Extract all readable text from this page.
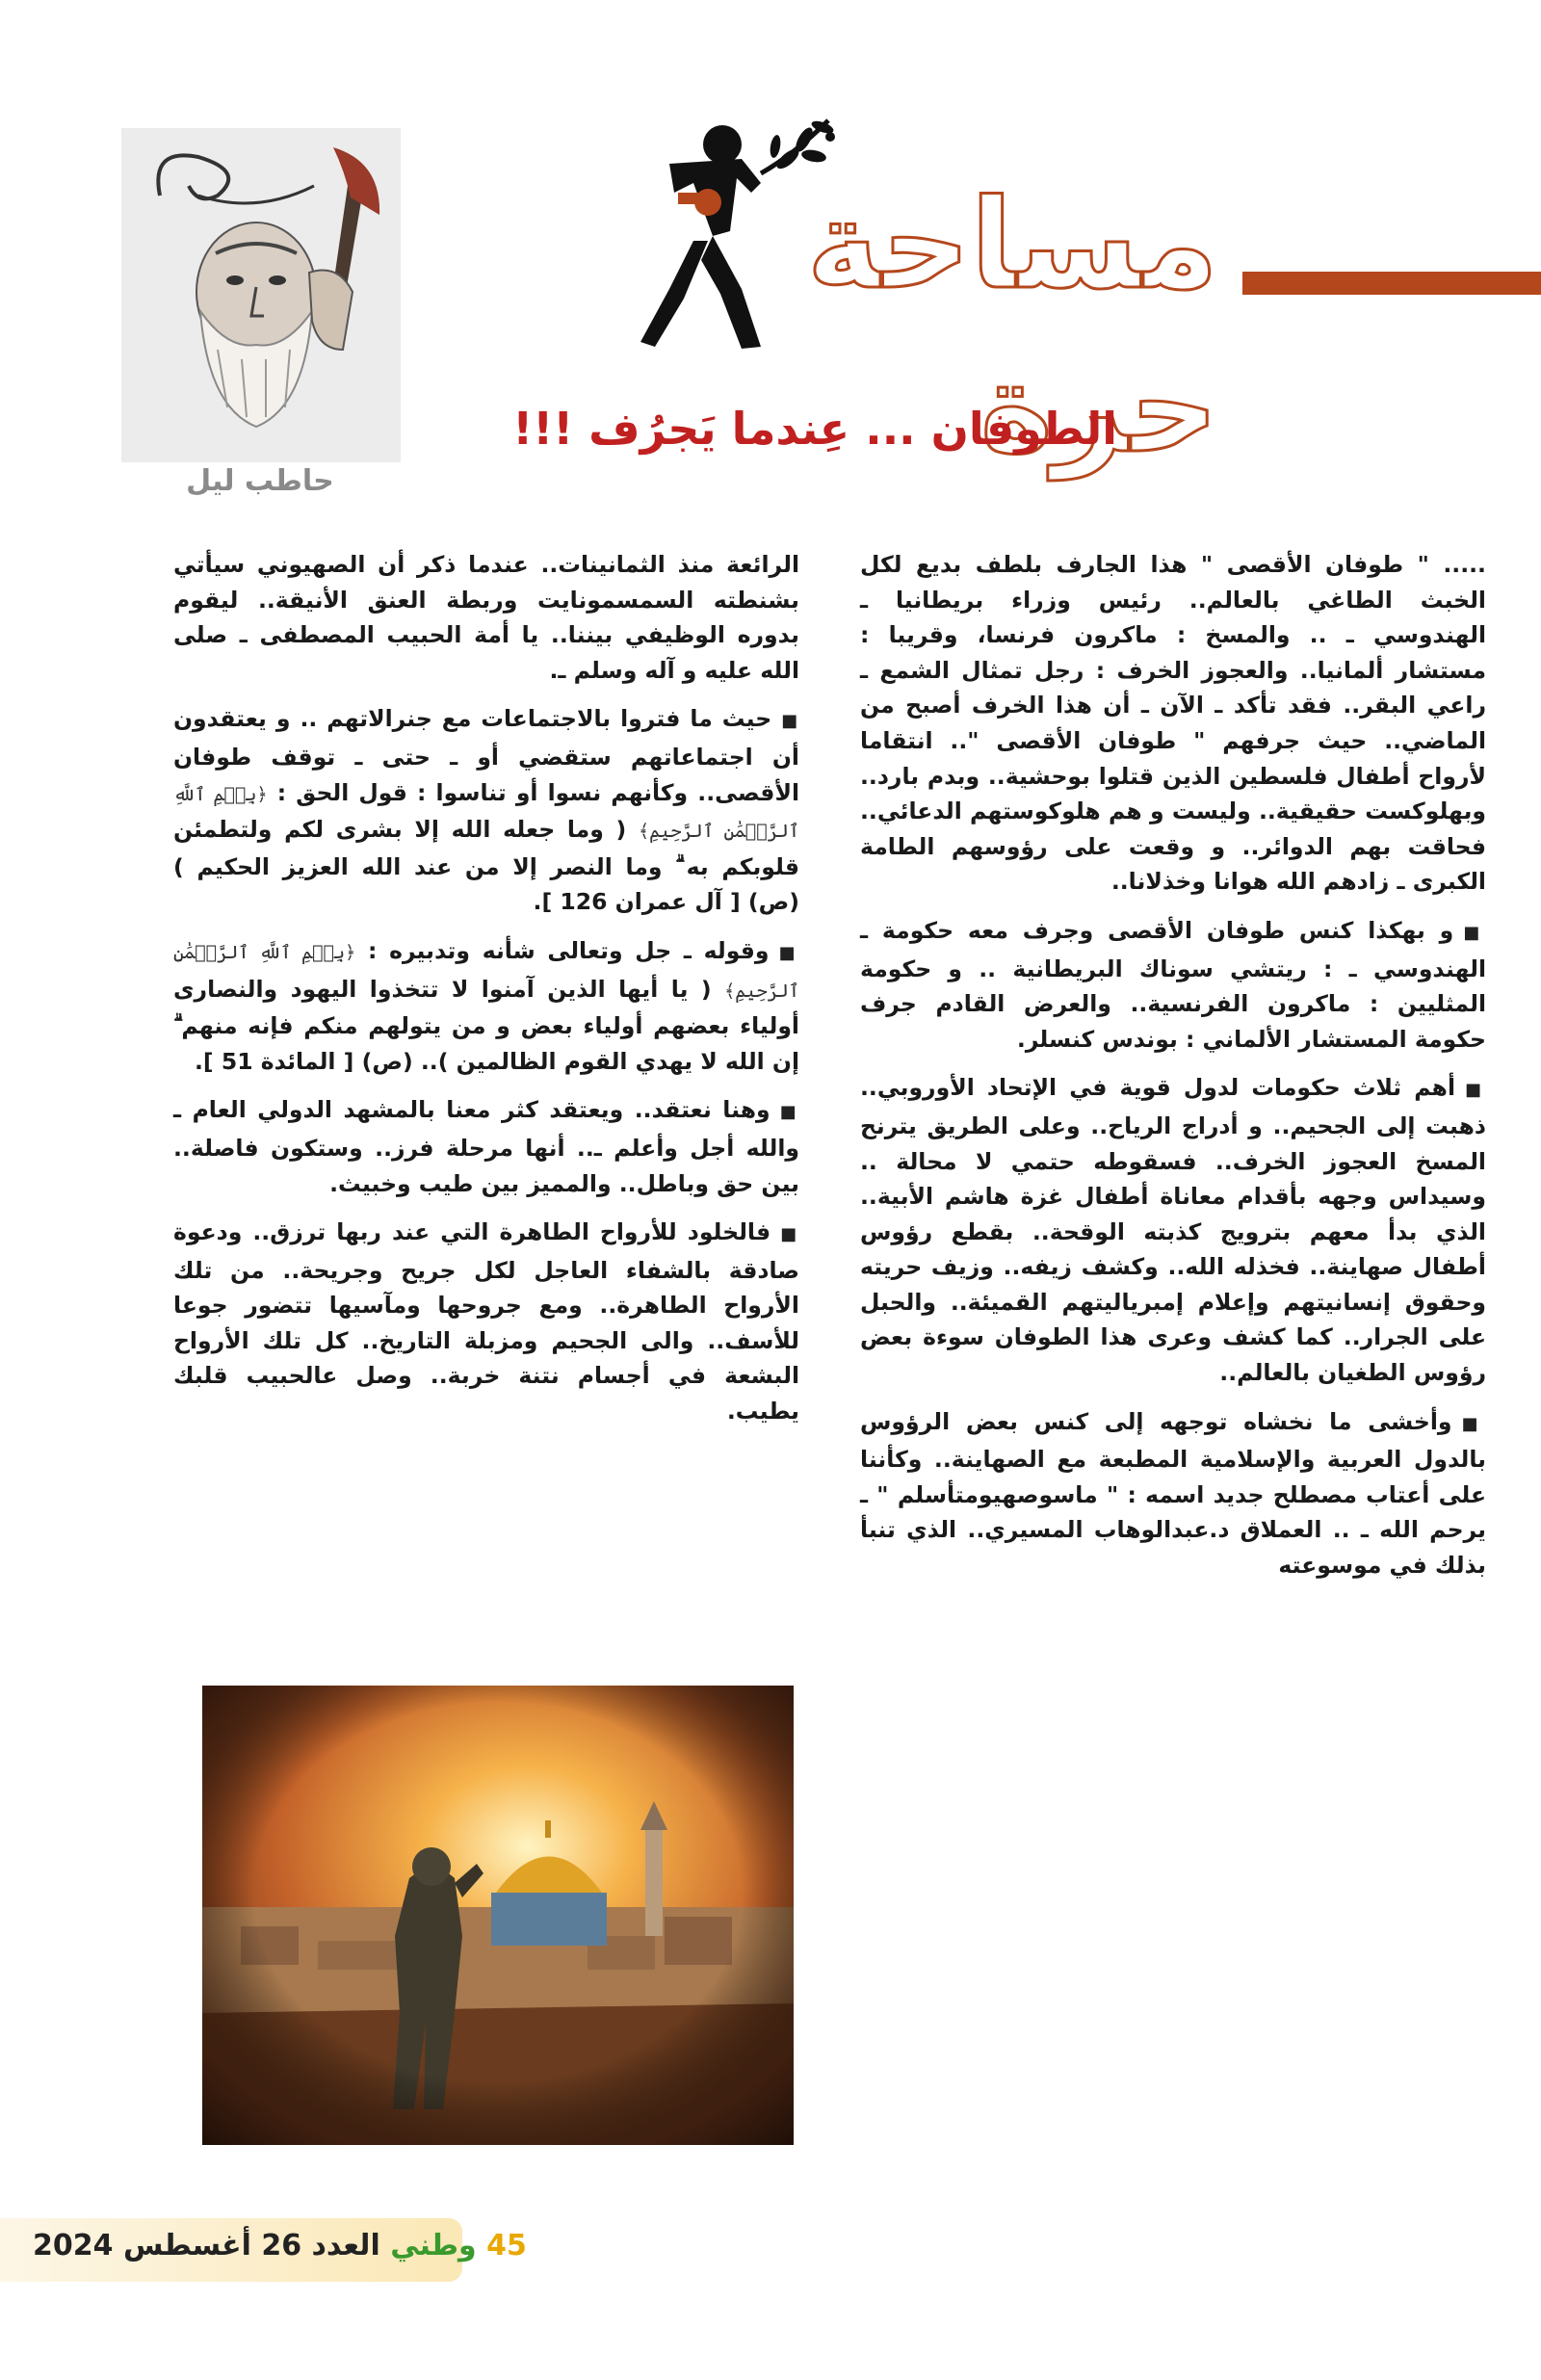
مساحة حرة
حاطب ليل
الطوفان ... عِندما يَجرُف !!!

..... " طوفان الأقصى " هذا الجارف بلطف بديع لكل الخبث الطاغي بالعالم.. رئيس وزراء بريطانيا ـ الهندوسي ـ .. والمسخ : ماكرون فرنسا، وقريبا : مستشار ألمانيا.. والعجوز الخرف : رجل تمثال الشمع ـ راعي البقر.. فقد تأكد ـ الآن ـ أن هذا الخرف أصبح من الماضي.. حيث جرفهم " طوفان الأقصى ".. انتقاما لأرواح أطفال فلسطين الذين قتلوا بوحشية.. وبدم بارد.. وبهلوكست حقيقية.. وليست و هم هلوكوستهم الدعائي.. فحاقت بهم الدوائر.. و وقعت على رؤوسهم الطامة الكبرى ـ زادهم الله هوانا وخذلانا..

■و بهكذا كنس طوفان الأقصى وجرف معه حكومة ـ الهندوسي ـ : ريتشي سوناك البريطانية .. و حكومة المثليين : ماكرون الفرنسية.. والعرض القادم جرف حكومة المستشار الألماني : بوندس كنسلر.

■أهم ثلاث حكومات لدول قوية في الإتحاد الأوروبي.. ذهبت إلى الجحيم.. و أدراج الرياح.. وعلى الطريق يترنح المسخ العجوز الخرف.. فسقوطه حتمي لا محالة .. وسيداس وجهه بأقدام معاناة أطفال غزة هاشم الأبية.. الذي بدأ معهم بترويج كذبته الوقحة.. بقطع رؤوس أطفال صهاينة.. فخذله الله.. وكشف زيفه.. وزيف حريته وحقوق إنسانيتهم وإعلام إمبرياليتهم القميئة.. والحبل على الجرار.. كما كشف وعرى هذا الطوفان سوءة بعض رؤوس الطغيان بالعالم..

■وأخشى ما نخشاه توجهه إلى كنس بعض الرؤوس بالدول العربية والإسلامية المطبعة مع الصهاينة.. وكأننا على أعتاب مصطلح جديد اسمه : " ماسوصهيومتأسلم " ـ يرحم الله ـ .. العملاق د.عبدالوهاب المسيري.. الذي تنبأ بذلك في موسوعته

الرائعة منذ الثمانينات.. عندما ذكر أن الصهيوني سيأتي بشنطته السمسمونايت وربطة العنق الأنيقة.. ليقوم بدوره الوظيفي بيننا.. يا أمة الحبيب المصطفى ـ صلى الله عليه و آله وسلم ـ.

■حيث ما فتروا بالاجتماعات مع جنرالاتهم .. و يعتقدون أن اجتماعاتهم ستقضي أو ـ حتى ـ توقف طوفان الأقصى.. وكأنهم نسوا أو تناسوا : قول الحق : ﴿بِسۡمِ ٱللَّهِ ٱلرَّحۡمَٰنِ ٱلرَّحِيمِ﴾ ( وما جعله الله إلا بشرى لكم ولتطمئن قلوبكم به ۗ وما النصر إلا من عند الله العزيز الحكيم ) (ص) [ آل عمران 126 ].

■وقوله ـ جل وتعالى شأنه وتدبيره : ﴿بِسۡمِ ٱللَّهِ ٱلرَّحۡمَٰنِ ٱلرَّحِيمِ﴾ ( يا أيها الذين آمنوا لا تتخذوا اليهود والنصارى أولياء بعضهم أولياء بعض و من يتولهم منكم فإنه منهم ۗ إن الله لا يهدي القوم الظالمين ).. (ص) [ المائدة 51 ].

■وهنا نعتقد.. ويعتقد كثر معنا بالمشهد الدولي العام ـ والله أجل وأعلم ـ.. أنها مرحلة فرز.. وستكون فاصلة.. بين حق وباطل.. والمميز بين طيب وخبيث.

■فالخلود للأرواح الطاهرة التي عند ربها ترزق.. ودعوة صادقة بالشفاء العاجل لكل جريح وجريحة.. من تلك الأرواح الطاهرة.. ومع جروحها ومآسيها تتضور جوعا للأسف.. والى الجحيم ومزبلة التاريخ.. كل تلك الأرواح البشعة في أجسام نتنة خربة.. وصل عالحبيب قلبك يطيب.

45 وطني العدد 26 أغسطس 2024
